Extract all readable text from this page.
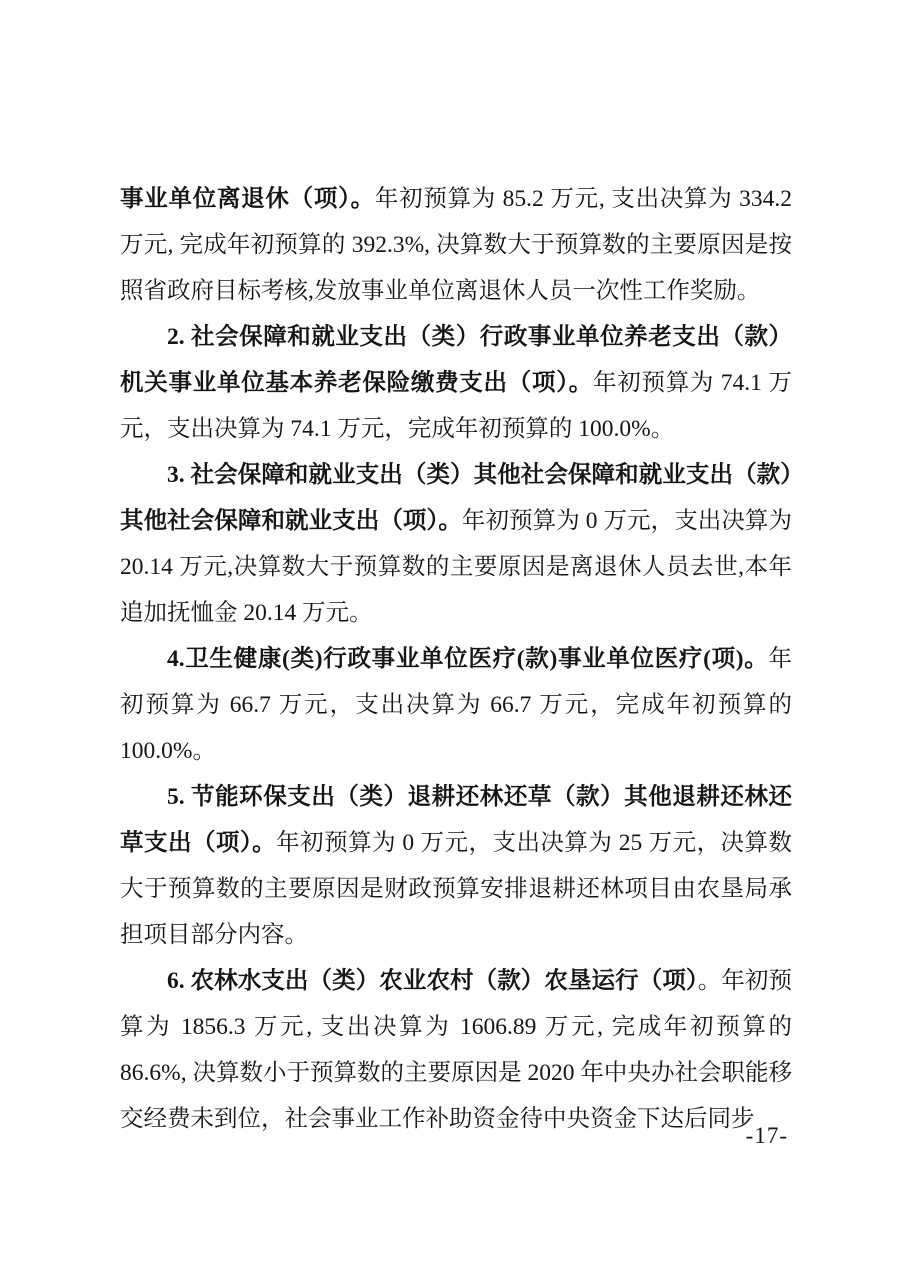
事业单位离退休（项）。年初预算为 85.2 万元, 支出决算为 334.2 万元, 完成年初预算的 392.3%, 决算数大于预算数的主要原因是按照省政府目标考核,发放事业单位离退休人员一次性工作奖励。

2. 社会保障和就业支出（类）行政事业单位养老支出（款）机关事业单位基本养老保险缴费支出（项）。年初预算为 74.1 万元，支出决算为 74.1 万元，完成年初预算的 100.0%。

3. 社会保障和就业支出（类）其他社会保障和就业支出（款）其他社会保障和就业支出（项）。年初预算为 0 万元，支出决算为 20.14 万元,决算数大于预算数的主要原因是离退休人员去世,本年追加抚恤金 20.14 万元。

4.卫生健康(类)行政事业单位医疗(款)事业单位医疗(项)。年初预算为 66.7 万元，支出决算为 66.7 万元，完成年初预算的 100.0%。

5. 节能环保支出（类）退耕还林还草（款）其他退耕还林还草支出（项）。年初预算为 0 万元，支出决算为 25 万元，决算数大于预算数的主要原因是财政预算安排退耕还林项目由农垦局承担项目部分内容。

6. 农林水支出（类）农业农村（款）农垦运行（项）。年初预算为 1856.3 万元, 支出决算为 1606.89 万元, 完成年初预算的 86.6%, 决算数小于预算数的主要原因是 2020 年中央办社会职能移交经费未到位，社会事业工作补助资金待中央资金下达后同步

-17-
